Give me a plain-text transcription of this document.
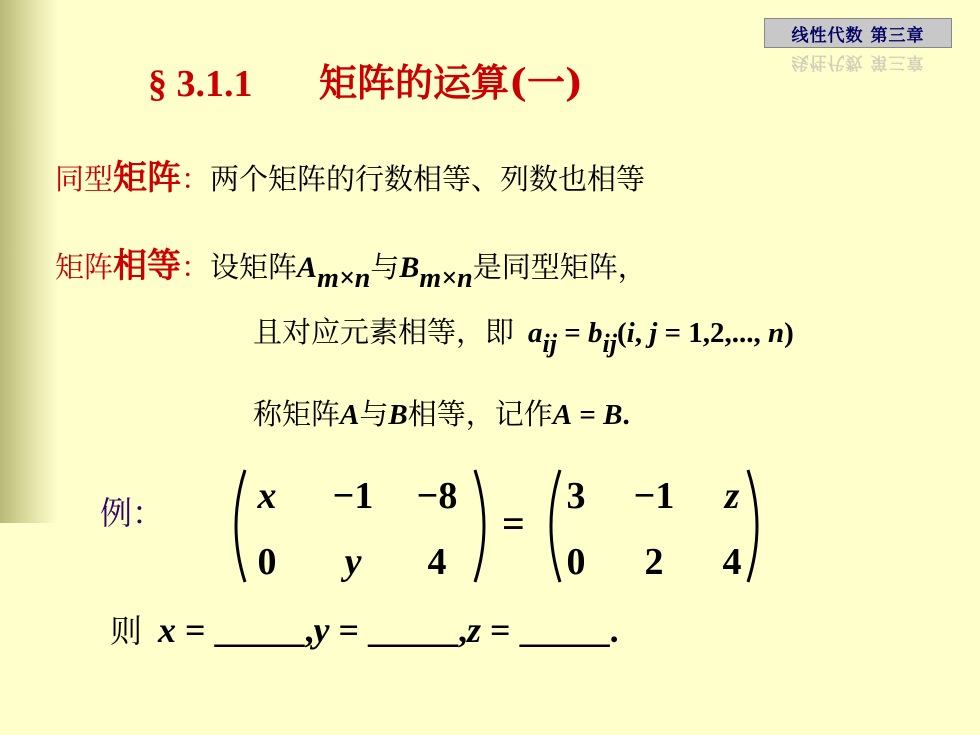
线性代数 第三章
线性代数 第三章
§ 3.1.1 矩阵的运算(一)
同型矩阵：两个矩阵的行数相等、列数也相等
矩阵相等：设矩阵Am×n与Bm×n是同型矩阵，
且对应元素相等，即 aij = bij(i, j = 1,2,..., n)
称矩阵A与B相等，记作A = B.
例：	x	−1 −8
0	y	4
=
3	−1	z
0	2	4
则 x = _____,y = _____,z = _____.
